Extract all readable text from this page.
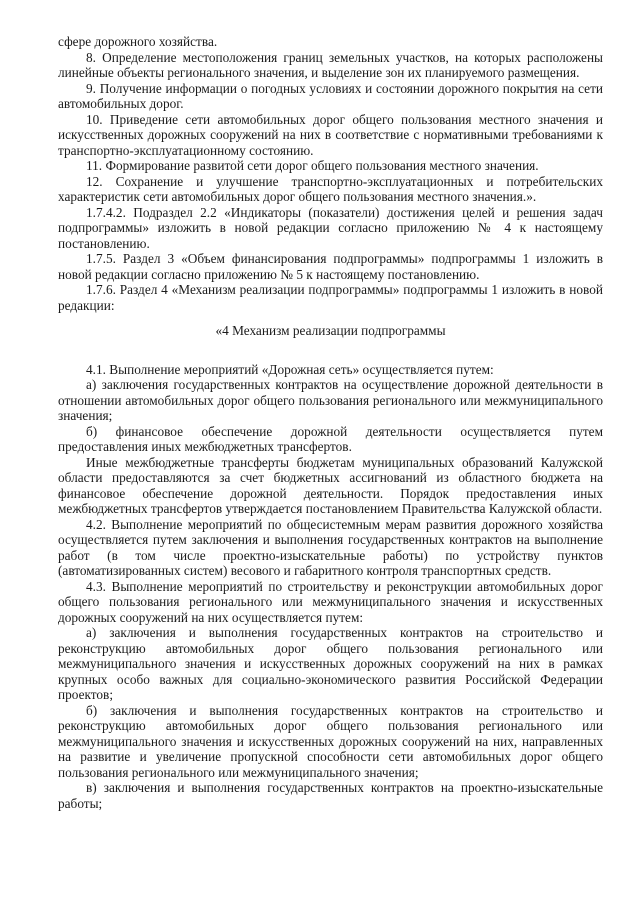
сфере дорожного хозяйства.

8. Определение местоположения границ земельных участков, на которых расположены линейные объекты регионального значения, и выделение зон их планируемого размещения.

9. Получение информации о погодных условиях и состоянии дорожного покрытия на сети автомобильных дорог.

10. Приведение сети автомобильных дорог общего пользования местного значения и искусственных дорожных сооружений на них в соответствие с нормативными требованиями к транспортно-эксплуатационному состоянию.

11. Формирование развитой сети дорог общего пользования местного значения.

12. Сохранение и улучшение транспортно-эксплуатационных и потребительских характеристик сети автомобильных дорог общего пользования местного значения.».

1.7.4.2. Подраздел 2.2 «Индикаторы (показатели) достижения целей и решения задач подпрограммы» изложить в новой редакции согласно приложению № 4 к настоящему постановлению.

1.7.5. Раздел 3 «Объем финансирования подпрограммы» подпрограммы 1 изложить в новой редакции согласно приложению № 5 к настоящему постановлению.

1.7.6. Раздел 4 «Механизм реализации подпрограммы» подпрограммы 1 изложить в новой редакции:

«4 Механизм реализации подпрограммы

4.1. Выполнение мероприятий «Дорожная сеть» осуществляется путем:

а) заключения государственных контрактов на осуществление дорожной деятельности в отношении автомобильных дорог общего пользования регионального или межмуниципального значения;

б) финансовое обеспечение дорожной деятельности осуществляется путем предоставления иных межбюджетных трансфертов.

Иные межбюджетные трансферты бюджетам муниципальных образований Калужской области предоставляются за счет бюджетных ассигнований из областного бюджета на финансовое обеспечение дорожной деятельности. Порядок предоставления иных межбюджетных трансфертов утверждается постановлением Правительства Калужской области.

4.2. Выполнение мероприятий по общесистемным мерам развития дорожного хозяйства осуществляется путем заключения и выполнения государственных контрактов на выполнение работ (в том числе проектно-изыскательные работы) по устройству пунктов (автоматизированных систем) весового и габаритного контроля транспортных средств.

4.3. Выполнение мероприятий по строительству и реконструкции автомобильных дорог общего пользования регионального или межмуниципального значения и искусственных дорожных сооружений на них осуществляется путем:

а) заключения и выполнения государственных контрактов на строительство и реконструкцию автомобильных дорог общего пользования регионального или межмуниципального значения и искусственных дорожных сооружений на них в рамках крупных особо важных для социально-экономического развития Российской Федерации проектов;

б) заключения и выполнения государственных контрактов на строительство и реконструкцию автомобильных дорог общего пользования регионального или межмуниципального значения и искусственных дорожных сооружений на них, направленных на развитие и увеличение пропускной способности сети автомобильных дорог общего пользования регионального или межмуниципального значения;

в) заключения и выполнения государственных контрактов на проектно-изыскательные работы;
